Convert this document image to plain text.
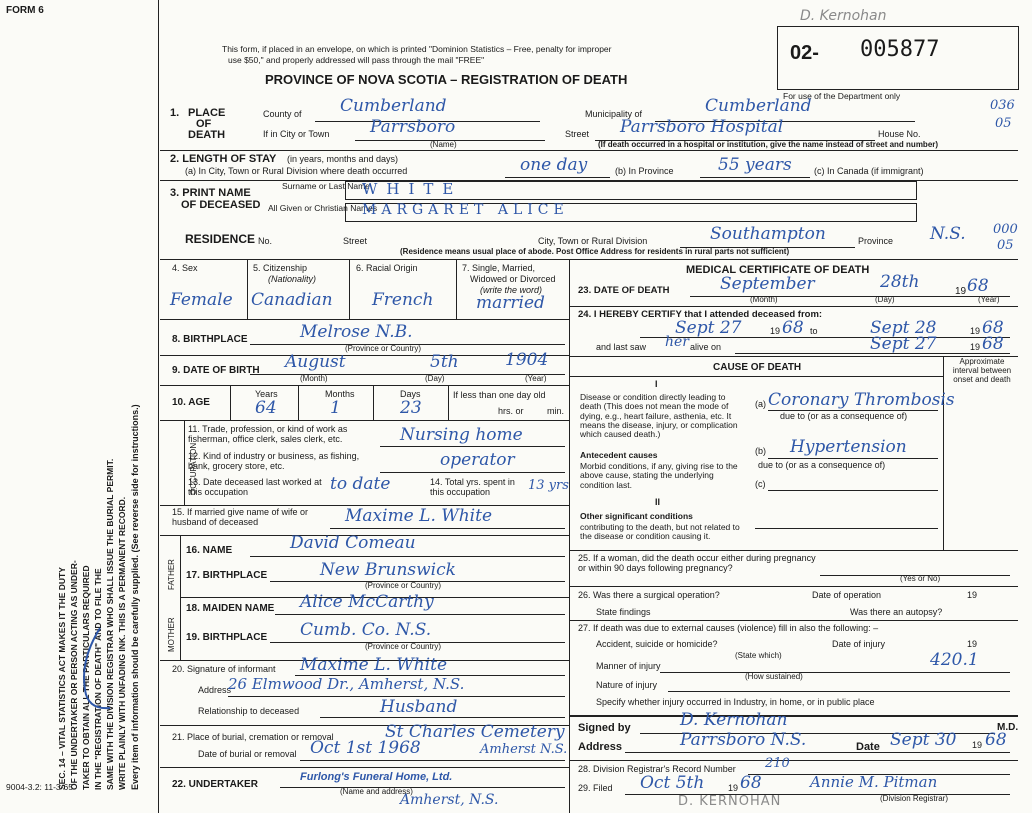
FORM 6
This form, if placed in an envelope, on which is printed "Dominion Statistics – Free, penalty for improper
use $50," and properly addressed will pass through the mail "FREE"
PROVINCE OF NOVA SCOTIA – REGISTRATION OF DEATH
D. Kernohan
02- 005877
For use of the Department only
036
05
000
05
SEC. 14 – VITAL STATISTICS ACT MAKES IT THE DUTY OF THE UNDERTAKER OR PERSON ACTING AS UNDER- TAKER TO OBTAIN ALL THE PARTICULARS REQUIRED IN THE "REGISTRATION OF DEATH" AND TO FILE THE SAME WITH THE DIVISION REGISTRAR WHO SHALL ISSUE THE BURIAL PERMIT. WRITE PLAINLY WITH UNFADING INK. THIS IS A PERMANENT RECORD. Every item of information should be carefully supplied. (See reverse side for instructions.)
1. PLACE
OF
DEATH
County of Cumberland	Municipality of	Cumberland
If in City or Town Parrsboro
(Name)
Street Parrsboro Hospital	House No.
(If death occurred in a hospital or institution, give the name instead of street and number)
2. LENGTH OF STAY (in years, months and days)
(a) In City, Town or Rural Division where death occurred	one day	(b) In Province	55 years (c) In Canada (if immigrant)
3. PRINT NAME
OF DECEASED
Surname or Last Name
All Given or Christian Names
WHITE
MARGARET ALICE
RESIDENCE No.	Street	City, Town or Rural Division	Southampton	Province N.S.
(Residence means usual place of abode. Post Office Address for residents in rural parts not sufficient)
4. Sex
Female
5. Citizenship
(Nationality)
Canadian
6. Racial Origin
French
7. Single, Married,
Widowed or Divorced
(write the word)
married
8. BIRTHPLACE	Melrose N.B.
(Province or Country)
9. DATE OF BIRTH August	5th	1904
(Month)	(Day)	(Year)
10. AGE
Years	Months	Days
64	1	23
If less than one day old
hrs. or	min.
OCCUPATION
11. Trade, profession, or kind of work as fisherman, office clerk, sales clerk, etc.	Nursing home
12. Kind of industry or business, as fishing, bank, grocery store, etc.	operator
13. Date deceased last worked at this occupation	to date	14. Total yrs. spent in this occupation	13 yrs
15. If married give name of wife or husband of deceased	Maxime L. White
FATHER
MOTHER
16. NAME	David Comeau
17. BIRTHPLACE	New Brunswick
(Province or Country)
18. MAIDEN NAME Alice McCarthy
19. BIRTHPLACE Cumb. Co. N.S.
(Province or Country)
20. Signature of informant Maxime L. White
Address
26 Elmwood Dr., Amherst, N.S.
Relationship to deceased	Husband
21. Place of burial, cremation or removal	St Charles Cemetery
Date of burial or removal Oct 1st 1968	Amherst N.S.
22. UNDERTAKER
Furlong's Funeral Home, Ltd.
(Name and address)
Amherst, N.S.
9004-3.2: 11-3-65
MEDICAL CERTIFICATE OF DEATH
23. DATE OF DEATH	September	28th	19 68
(Month)	(Day)	(Year)
24. I HEREBY CERTIFY that I attended deceased from:
Sept 27	19 68 to	Sept 28	19 68
and last saw her alive on	Sept 27	19 68
CAUSE OF DEATH
Approximate interval between onset and death
I
Disease or condition directly leading to death (This does not mean the mode of dying, e.g., heart failure, asthenia, etc. It means the disease, injury, or complication which caused death.)
(a) Coronary Thrombosis
due to (or as a consequence of)
Antecedent causes
Morbid conditions, if any, giving rise to the above cause, stating the underlying condition last.
(b) Hypertension
due to (or as a consequence of)
(c)
II
Other significant conditions
contributing to the death, but not related to the disease or condition causing it.
25. If a woman, did the death occur either during pregnancy or within 90 days following pregnancy?
(Yes or No)
26. Was there a surgical operation?	Date of operation	19
State findings	Was there an autopsy?
27. If death was due to external causes (violence) fill in also the following: –
Accident, suicide or homicide?	Date of injury	19
(State which)
Manner of injury	420.1
(How sustained)
Nature of injury
Specify whether injury occurred in Industry, in home, or in public place
Signed by	D. Kernohan	M.D.
Address	Parrsboro N.S.	Date Sept 30 19 68
28. Division Registrar's Record Number 210
29. Filed Oct 5th	19 68	Annie M. Pitman
(Division Registrar)
D. KERNOHAN
